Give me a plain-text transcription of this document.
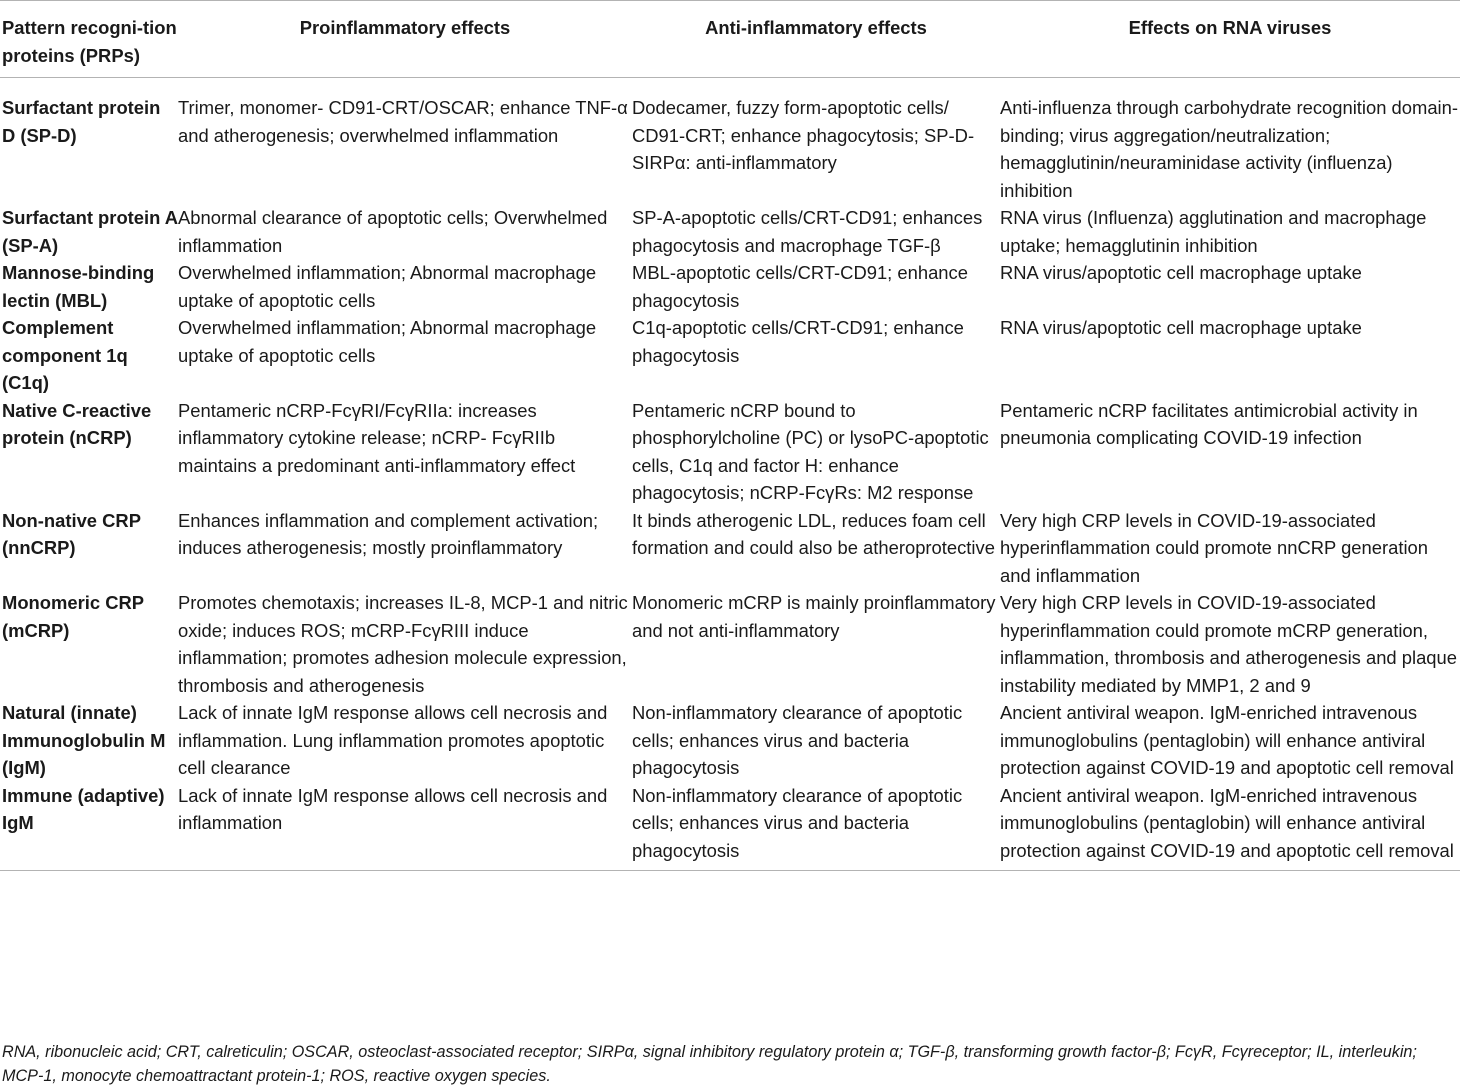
Pattern recogni-tion proteins (PRPs)	Proinflammatory effects	Anti-inflammatory effects	Effects on RNA viruses
Surfactant protein D (SP-D)	Trimer, monomer- CD91-CRT/OSCAR; enhance TNF-α and atherogenesis; overwhelmed inflammation	Dodecamer, fuzzy form-apoptotic cells/ CD91-CRT; enhance phagocytosis; SP-D-SIRPα: anti-inflammatory	Anti-influenza through carbohydrate recognition domain-binding; virus aggregation/neutralization; hemagglutinin/neuraminidase activity (influenza) inhibition
Surfactant protein A (SP-A)	Abnormal clearance of apoptotic cells; Overwhelmed inflammation	SP-A-apoptotic cells/CRT-CD91; enhances phagocytosis and macrophage TGF-β	RNA virus (Influenza) agglutination and macrophage uptake; hemagglutinin inhibition
Mannose-binding lectin (MBL)	Overwhelmed inflammation; Abnormal macrophage uptake of apoptotic cells	MBL-apoptotic cells/CRT-CD91; enhance phagocytosis	RNA virus/apoptotic cell macrophage uptake
Complement component 1q (C1q)	Overwhelmed inflammation; Abnormal macrophage uptake of apoptotic cells	C1q-apoptotic cells/CRT-CD91; enhance phagocytosis	RNA virus/apoptotic cell macrophage uptake
Native C-reactive protein (nCRP)	Pentameric nCRP-FcγRI/FcγRIIa: increases inflammatory cytokine release; nCRP- FcγRIIb maintains a predominant anti-inflammatory effect	Pentameric nCRP bound to phosphorylcholine (PC) or lysoPC-apoptotic cells, C1q and factor H: enhance phagocytosis; nCRP-FcγRs: M2 response	Pentameric nCRP facilitates antimicrobial activity in pneumonia complicating COVID-19 infection
Non-native CRP (nnCRP)	Enhances inflammation and complement activation; induces atherogenesis; mostly proinflammatory	It binds atherogenic LDL, reduces foam cell formation and could also be atheroprotective	Very high CRP levels in COVID-19-associated hyperinflammation could promote nnCRP generation and inflammation
Monomeric CRP (mCRP)	Promotes chemotaxis; increases IL-8, MCP-1 and nitric oxide; induces ROS; mCRP-FcγRIII induce inflammation; promotes adhesion molecule expression, thrombosis and atherogenesis	Monomeric mCRP is mainly proinflammatory and not anti-inflammatory	Very high CRP levels in COVID-19-associated hyperinflammation could promote mCRP generation, inflammation, thrombosis and atherogenesis and plaque instability mediated by MMP1, 2 and 9
Natural (innate) Immunoglobulin M (IgM)	Lack of innate IgM response allows cell necrosis and inflammation. Lung inflammation promotes apoptotic cell clearance	Non-inflammatory clearance of apoptotic cells; enhances virus and bacteria phagocytosis	Ancient antiviral weapon. IgM-enriched intravenous immunoglobulins (pentaglobin) will enhance antiviral protection against COVID-19 and apoptotic cell removal
Immune (adaptive) IgM	Lack of innate IgM response allows cell necrosis and inflammation	Non-inflammatory clearance of apoptotic cells; enhances virus and bacteria phagocytosis	Ancient antiviral weapon. IgM-enriched intravenous immunoglobulins (pentaglobin) will enhance antiviral protection against COVID-19 and apoptotic cell removal
RNA, ribonucleic acid; CRT, calreticulin; OSCAR, osteoclast-associated receptor; SIRPα, signal inhibitory regulatory protein α; TGF-β, transforming growth factor-β; FcγR, Fcγreceptor; IL, interleukin; MCP-1, monocyte chemoattractant protein-1; ROS, reactive oxygen species.
